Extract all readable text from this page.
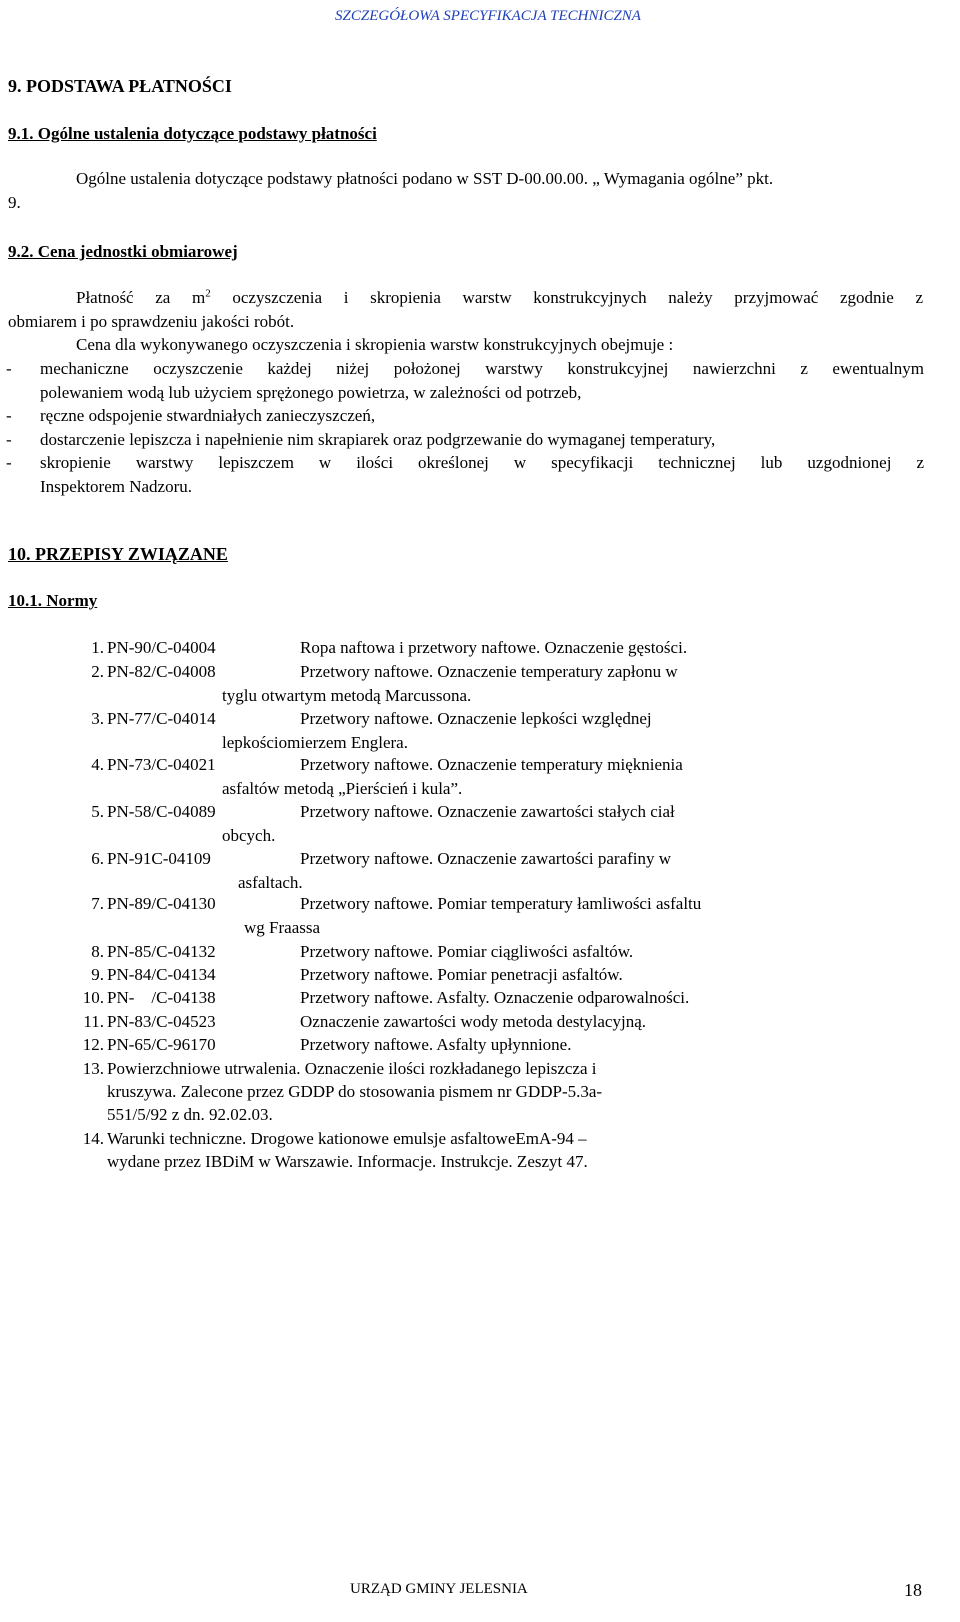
SZCZEGÓŁOWA SPECYFIKACJA TECHNICZNA
9. PODSTAWA PŁATNOŚCI
9.1. Ogólne ustalenia dotyczące podstawy płatności
Ogólne ustalenia dotyczące podstawy płatności podano w SST D-00.00.00. „ Wymagania ogólne” pkt.
9.
9.2. Cena jednostki obmiarowej
Płatność za $m^2$ oczyszczenia i skropienia warstw konstrukcyjnych należy przyjmować zgodnie z
obmiarem i po sprawdzeniu jakości robót.
Cena dla wykonywanego oczyszczenia i skropienia warstw konstrukcyjnych obejmuje :
- mechaniczne oczyszczenie każdej niżej położonej warstwy konstrukcyjnej nawierzchni z ewentualnym
polewaniem wodą lub użyciem sprężonego powietrza, w zależności od potrzeb,
- ręczne odspojenie stwardniałych zanieczyszczeń,
- dostarczenie lepiszcza i napełnienie nim skrapiarek oraz podgrzewanie do wymaganej temperatury,
- skropienie warstwy lepiszczem w ilości określonej w specyfikacji technicznej lub uzgodnionej z
Inspektorem Nadzoru.
10. PRZEPISY ZWIĄZANE
10.1. Normy
1. PN-90/C-04004	Ropa naftowa i przetwory naftowe. Oznaczenie gęstości.
2. PN-82/C-04008	Przetwory naftowe. Oznaczenie temperatury zapłonu w
tyglu otwartym metodą Marcussona.
3. PN-77/C-04014	Przetwory naftowe. Oznaczenie lepkości względnej
lepkościomierzem Englera.
4. PN-73/C-04021	Przetwory naftowe. Oznaczenie temperatury mięknienia
asfaltów metodą „Pierścień i kula”.
5. PN-58/C-04089	Przetwory naftowe. Oznaczenie zawartości stałych ciał
obcych.
6. PN-91C-04109	Przetwory naftowe. Oznaczenie zawartości parafiny w
asfaltach.
7. PN-89/C-04130	Przetwory naftowe. Pomiar temperatury łamliwości asfaltu
wg Fraassa
8. PN-85/C-04132	Przetwory naftowe. Pomiar ciągliwości asfaltów.
9. PN-84/C-04134	Przetwory naftowe. Pomiar penetracji asfaltów.
10. PN-    /C-04138	Przetwory naftowe. Asfalty. Oznaczenie odparowalności.
11. PN-83/C-04523	Oznaczenie zawartości wody metoda destylacyjną.
12. PN-65/C-96170	Przetwory naftowe. Asfalty upłynnione.
13. Powierzchniowe utrwalenia. Oznaczenie ilości rozkładanego lepiszcza i
kruszywa. Zalecone przez GDDP do stosowania pismem nr GDDP-5.3a-
551/5/92 z dn. 92.02.03.
14. Warunki techniczne. Drogowe kationowe emulsje asfaltoweEmA-94 –
wydane przez IBDiM w Warszawie. Informacje. Instrukcje. Zeszyt 47.
URZĄD GMINY JELESNIA	18
